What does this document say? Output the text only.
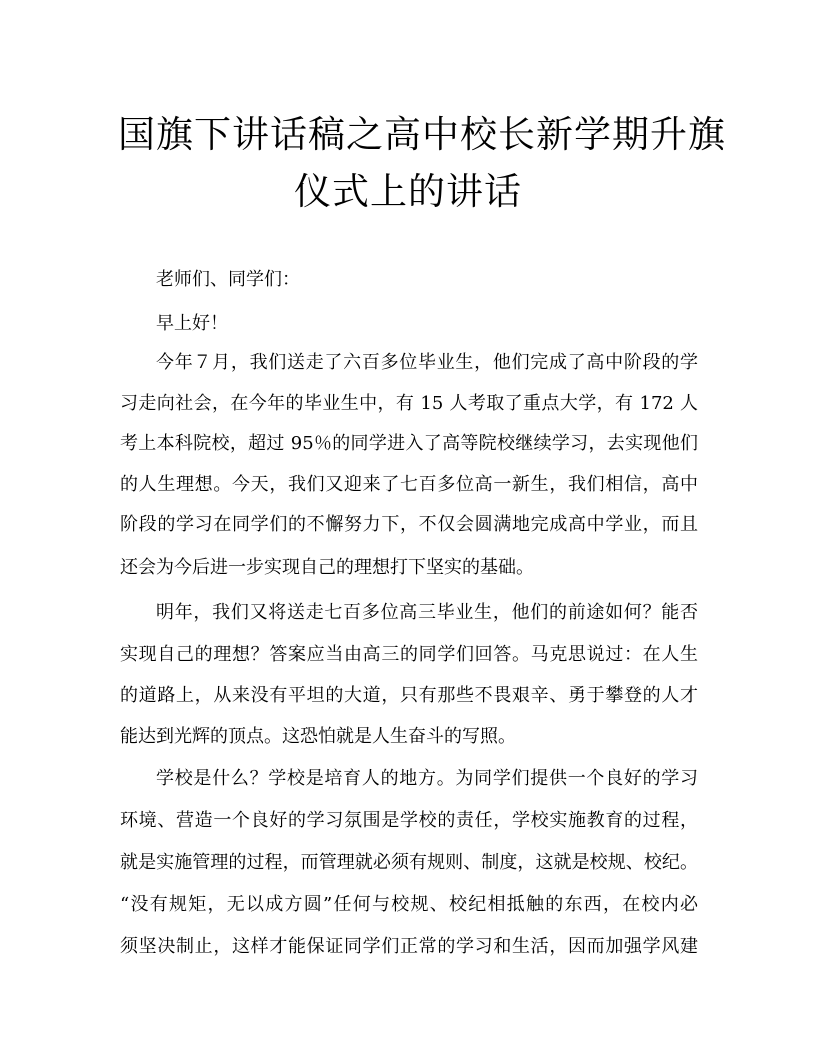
国旗下讲话稿之高中校长新学期升旗
仪式上的讲话
老师们、同学们：
早上好！
今年７月，我们送走了六百多位毕业生，他们完成了高中阶段的学
习走向社会，在今年的毕业生中，有 15 人考取了重点大学，有 172 人
考上本科院校，超过 95％的同学进入了高等院校继续学习，去实现他们
的人生理想。今天，我们又迎来了七百多位高一新生，我们相信，高中
阶段的学习在同学们的不懈努力下，不仅会圆满地完成高中学业，而且
还会为今后进一步实现自己的理想打下坚实的基础。
明年，我们又将送走七百多位高三毕业生，他们的前途如何？能否
实现自己的理想？答案应当由高三的同学们回答。马克思说过：在人生
的道路上，从来没有平坦的大道，只有那些不畏艰辛、勇于攀登的人才
能达到光辉的顶点。这恐怕就是人生奋斗的写照。
学校是什么？学校是培育人的地方。为同学们提供一个良好的学习
环境、营造一个良好的学习氛围是学校的责任，学校实施教育的过程，
就是实施管理的过程，而管理就必须有规则、制度，这就是校规、校纪。
“没有规矩，无以成方圆”任何与校规、校纪相抵触的东西，在校内必
须坚决制止，这样才能保证同学们正常的学习和生活，因而加强学风建
